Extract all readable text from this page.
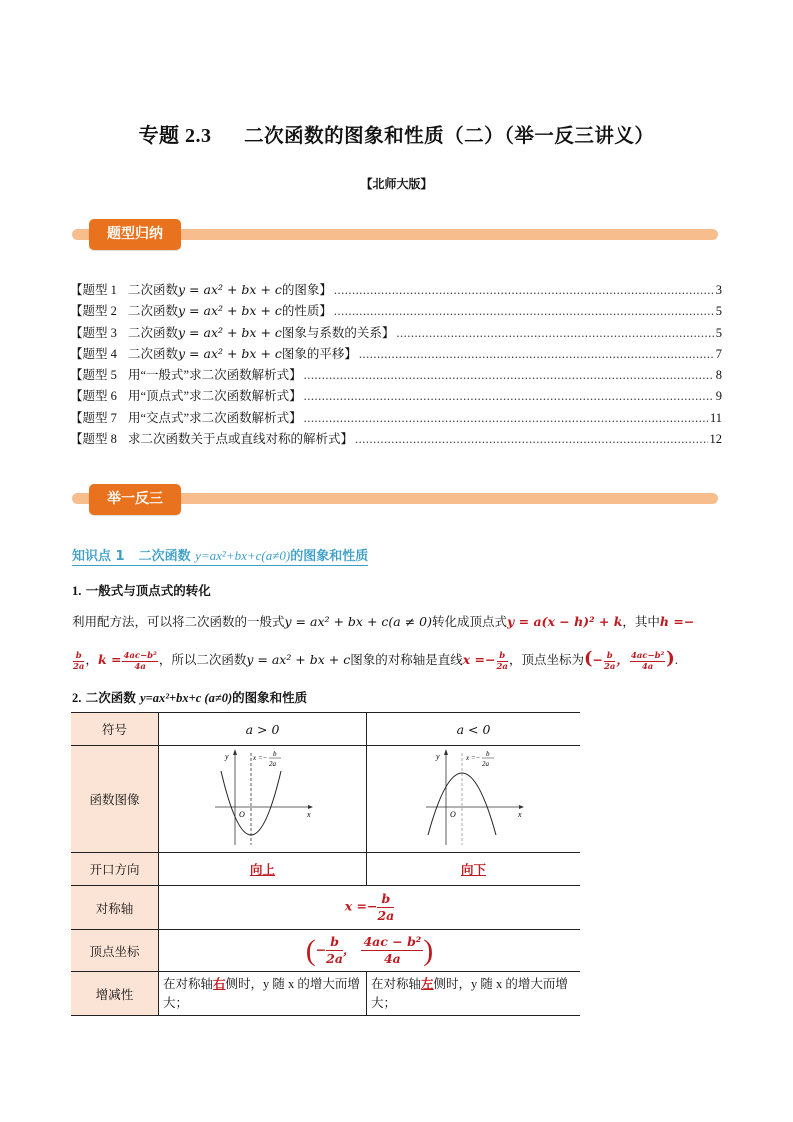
专题 2.3 二次函数的图象和性质（二）（举一反三讲义）
【北师大版】
题型归纳
【题型 1 二次函数y = ax² + bx + c的图象】 .....	3
【题型 2 二次函数y = ax² + bx + c的性质】 .....	5
【题型 3 二次函数y = ax² + bx + c图象与系数的关系】 .....	5
【题型 4 二次函数y = ax² + bx + c图象的平移】 .....	7
【题型 5 用“一般式”求二次函数解析式】 .....	8
【题型 6 用“顶点式”求二次函数解析式】 .....	9
【题型 7 用“交点式”求二次函数解析式】 .....	11
【题型 8 求二次函数关于点或直线对称的解析式】 .....	12
举一反三
知识点 1 二次函数 y=ax²+bx+c(a≠0)的图象和性质
1. 一般式与顶点式的转化
利用配方法，可以将二次函数的一般式y = ax² + bx + c(a ≠ 0)转化成顶点式y = a(x − h)² + k，其中h =−
$\frac{b}{2a}$ ，$k = \frac{\text{4ac−b²}}{4a}$ ，所以二次函数y = ax² + bx + c图象的对称轴是直线$x =- \frac{b}{2a}$ ，顶点坐标为(− $\frac{b}{2a}$ ， $\frac{\text{4ac−b²}}{4a}$ ).
2. 二次函数 y=ax²+bx+c (a≠0)的图象和性质
符号	a > 0	a < 0
函数图像	
y
O	x
x =− b
2a

y
O	x
x =− b
2a

开口方向	向上	向下
对称轴	$x =- \frac{b}{2a}$

顶点坐标	(− $\frac{b}{2a}$ ， $\frac{\text{4ac − b²}}{4a}$ )
增减性	在对称轴右侧时，y 随 x 的增大而增大；	在对称轴左侧时，y 随 x 的增大而增大；
